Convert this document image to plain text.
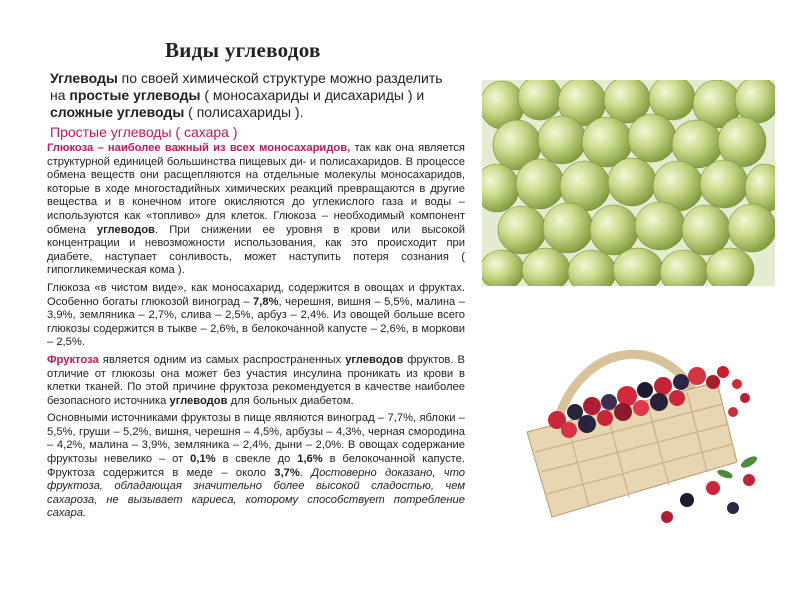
Виды углеводов
Углеводы по своей химической структуре можно разделить на простые углеводы ( моносахариды и дисахариды ) и сложные углеводы ( полисахариды ).
Простые углеводы ( сахара )

Глюкоза – наиболее важный из всех моносахаридов, так как она является структурной единицей большинства пищевых ди- и полисахаридов. В процессе обмена веществ они расщепляются на отдельные молекулы моносахаридов, которые в ходе многостадийных химических реакций превращаются в другие вещества и в конечном итоге окисляются до углекислого газа и воды – используются как «топливо» для клеток. Глюкоза – необходимый компонент обмена углеводов. При снижении ее уровня в крови или высокой концентрации и невозможности использования, как это происходит при диабете, наступает сонливость, может наступить потеря сознания ( гипогликемическая кома ).

Глюкоза «в чистом виде», как моносахарид, содержится в овощах и фруктах. Особенно богаты глюкозой виноград – 7,8%, черешня, вишня – 5,5%, малина – 3,9%, земляника – 2,7%, слива – 2,5%, арбуз – 2,4%. Из овощей больше всего глюкозы содержится в тыкве – 2,6%, в белокочанной капусте – 2,6%, в моркови – 2,5%.

Фруктоза является одним из самых распространенных углеводов фруктов. В отличие от глюкозы она может без участия инсулина проникать из крови в клетки тканей. По этой причине фруктоза рекомендуется в качестве наиболее безопасного источника углеводов для больных диабетом.

Основными источниками фруктозы в пище являются виноград – 7,7%, яблоки – 5,5%, груши – 5,2%, вишня, черешня – 4,5%, арбузы – 4,3%, черная смородина – 4,2%, малина – 3,9%, земляника – 2,4%, дыни – 2,0%. В овощах содержание фруктозы невелико – от 0,1% в свекле до 1,6% в белокочанной капусте. Фруктоза содержится в меде – около 3,7%. Достоверно доказано, что фруктоза, обладающая значительно более высокой сладостью, чем сахароза, не вызывает кариеса, которому способствует потребление сахара.
